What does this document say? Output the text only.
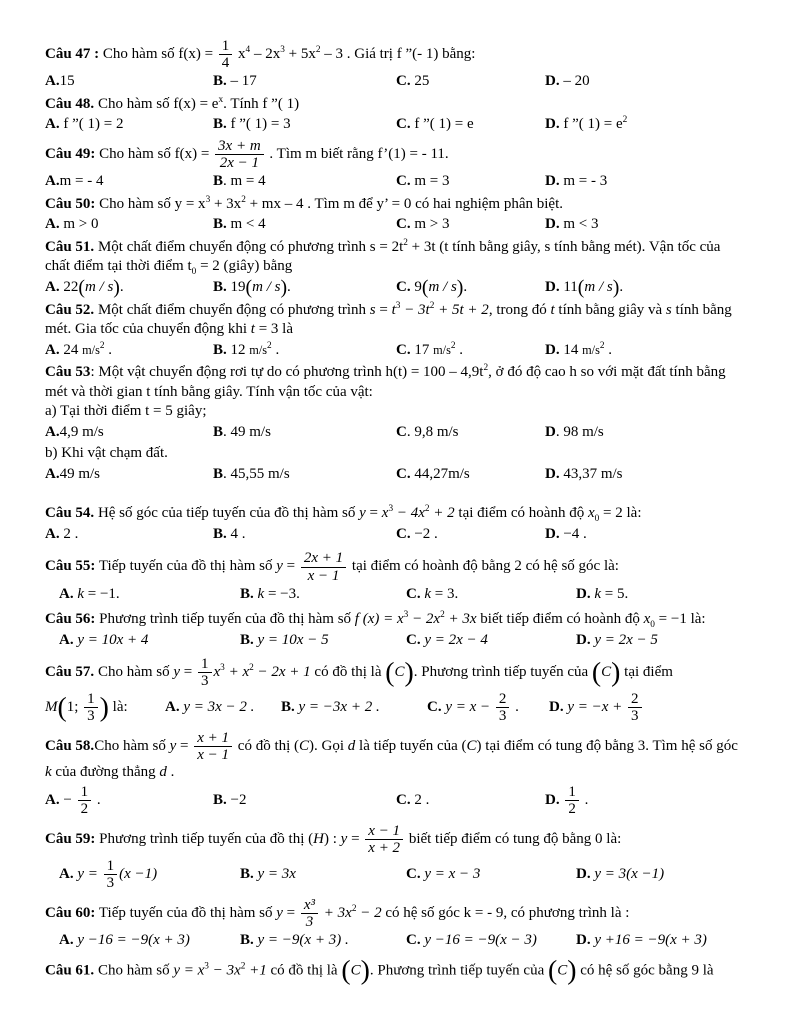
Câu 47 : Cho hàm số $f(x) = \frac{1}{4} x^4 - 2x^3 + 5x^2 - 3$ . Giá trị f ”(- 1) bằng:

A.15	B. – 17	C. 25	D. – 20

Câu 48. Cho hàm số $f(x) = e^x$. Tính f ”( 1)

A. f ”( 1) = 2	B. f ”( 1) = 3	C. f ”( 1) = e	D. f ”( $1) = e^2$

Câu 49: Cho hàm số $f(x) = \frac{3x + m}{2x - 1}$ . Tìm m biết rằng f’(1) = - 11.

A.m = - 4	B. m = 4	C. m = 3	D. m = - 3

Câu 50: Cho hàm số $y = x^3 + 3x^2$ + mx – 4 . Tìm m để y’ = 0 có hai nghiệm phân biệt.

A. m > 0	B. m < 4	C. m > 3	D. m < 3

Câu 51. Một chất điểm chuyển động có phương trình $s = 2t^2 + 3t$ (t tính bằng giây, s tính bằng mét). Vận tốc của chất điểm tại thời điểm $t_0 = 2$ (giây) bằng

A. 22(m / s).	B. 19(m / s).	C. 9(m / s).	D. 11(m / s).

Câu 52. Một chất điểm chuyển động có phương trình $s = t^3 - 3t^2 + 5t + 2$, trong đó t tính bằng giây và s tính bằng mét. Gia tốc của chuyển động khi t = 3 là

A. 24 $m/s^2$ .	B. 12 $m/s^2$ .	C. 17 $m/s^2$ .	D. 14 $m/s^2$ .

Câu 53: Một vật chuyển động rơi tự do có phương trình $h(t) = 100 - 4,9t^2$, ở đó độ cao h so với mặt đất tính bằng mét và thời gian t tính bằng giây. Tính vận tốc của vật:

a) Tại thời điểm t = 5 giây;

A.4,9 m/s	B. 49 m/s	C. 9,8 m/s	D. 98 m/s

b) Khi vật chạm đất.

A.49 m/s	B. 45,55 m/s	C. 44,27m/s	D. 43,37 m/s

Câu 54. Hệ số góc của tiếp tuyến của đồ thị hàm số $y = x^3 - 4x^2 + 2$ tại điểm có hoành độ $x_0 = 2$ là:

A. 2 .	B. 4 .	C. −2 .	D. −4 .

Câu 55: Tiếp tuyến của đồ thị hàm số $y = \frac{2x + 1}{x - 1}$ tại điểm có hoành độ bằng 2 có hệ số góc là:

A. k = −1.	B. k = −3.	C. k = 3.	D. k = 5.

Câu 56: Phương trình tiếp tuyến của đồ thị hàm số f $(x) = x^3 - 2x^2 + 3x$ biết tiếp điểm có hoành độ $x_0 = -1$ là:

A. y = 10x + 4	B. y = 10x − 5	C. y = 2x − 4	D. y = 2x − 5

Câu 57. Cho hàm số $y = \frac{1}{3} x^3 + x^2 - 2x + 1$ có đồ thị là (C). Phương trình tiếp tuyến của (C) tại điểm

M(1; $\frac{1}{3}$ ) là:	A. y = 3x − 2 .	B. y = −3x + 2 .	C. $y = x - \frac{2}{3}$ .	D. $y = -x + \frac{2}{3}$

Câu 58.Cho hàm số $y = \frac{x + 1}{x - 1}$ có đồ thị (C). Gọi d là tiếp tuyến của (C) tại điểm có tung độ bằng 3. Tìm hệ số góc k của đường thẳng d .

A. − $\frac{1}{2}$ .	B. −2	C. 2 .	D. $\frac{1}{2}$ .

Câu 59: Phương trình tiếp tuyến của đồ thị (H) : $y = \frac{x - 1}{x + 2}$ biết tiếp điểm có tung độ bằng 0 là:

A. $y = \frac{1}{3} (x -1)$	B. y = 3x	C. y = x − 3	D. y = 3(x −1)

Câu 60: Tiếp tuyến của đồ thị hàm số $y = \frac{\text{x³}}{3} + 3x^2 - 2$ có hệ số góc k = - 9, có phương trình là :

A. y −16 = −9(x + 3)	B. y = −9(x + 3) .	C. y −16 = −9(x − 3)	D. y +16 = −9(x + 3)

Câu 61. Cho hàm số $y = x^3 - 3x^2 +1$ có đồ thị là (C). Phương trình tiếp tuyến của (C) có hệ số góc bằng 9 là
